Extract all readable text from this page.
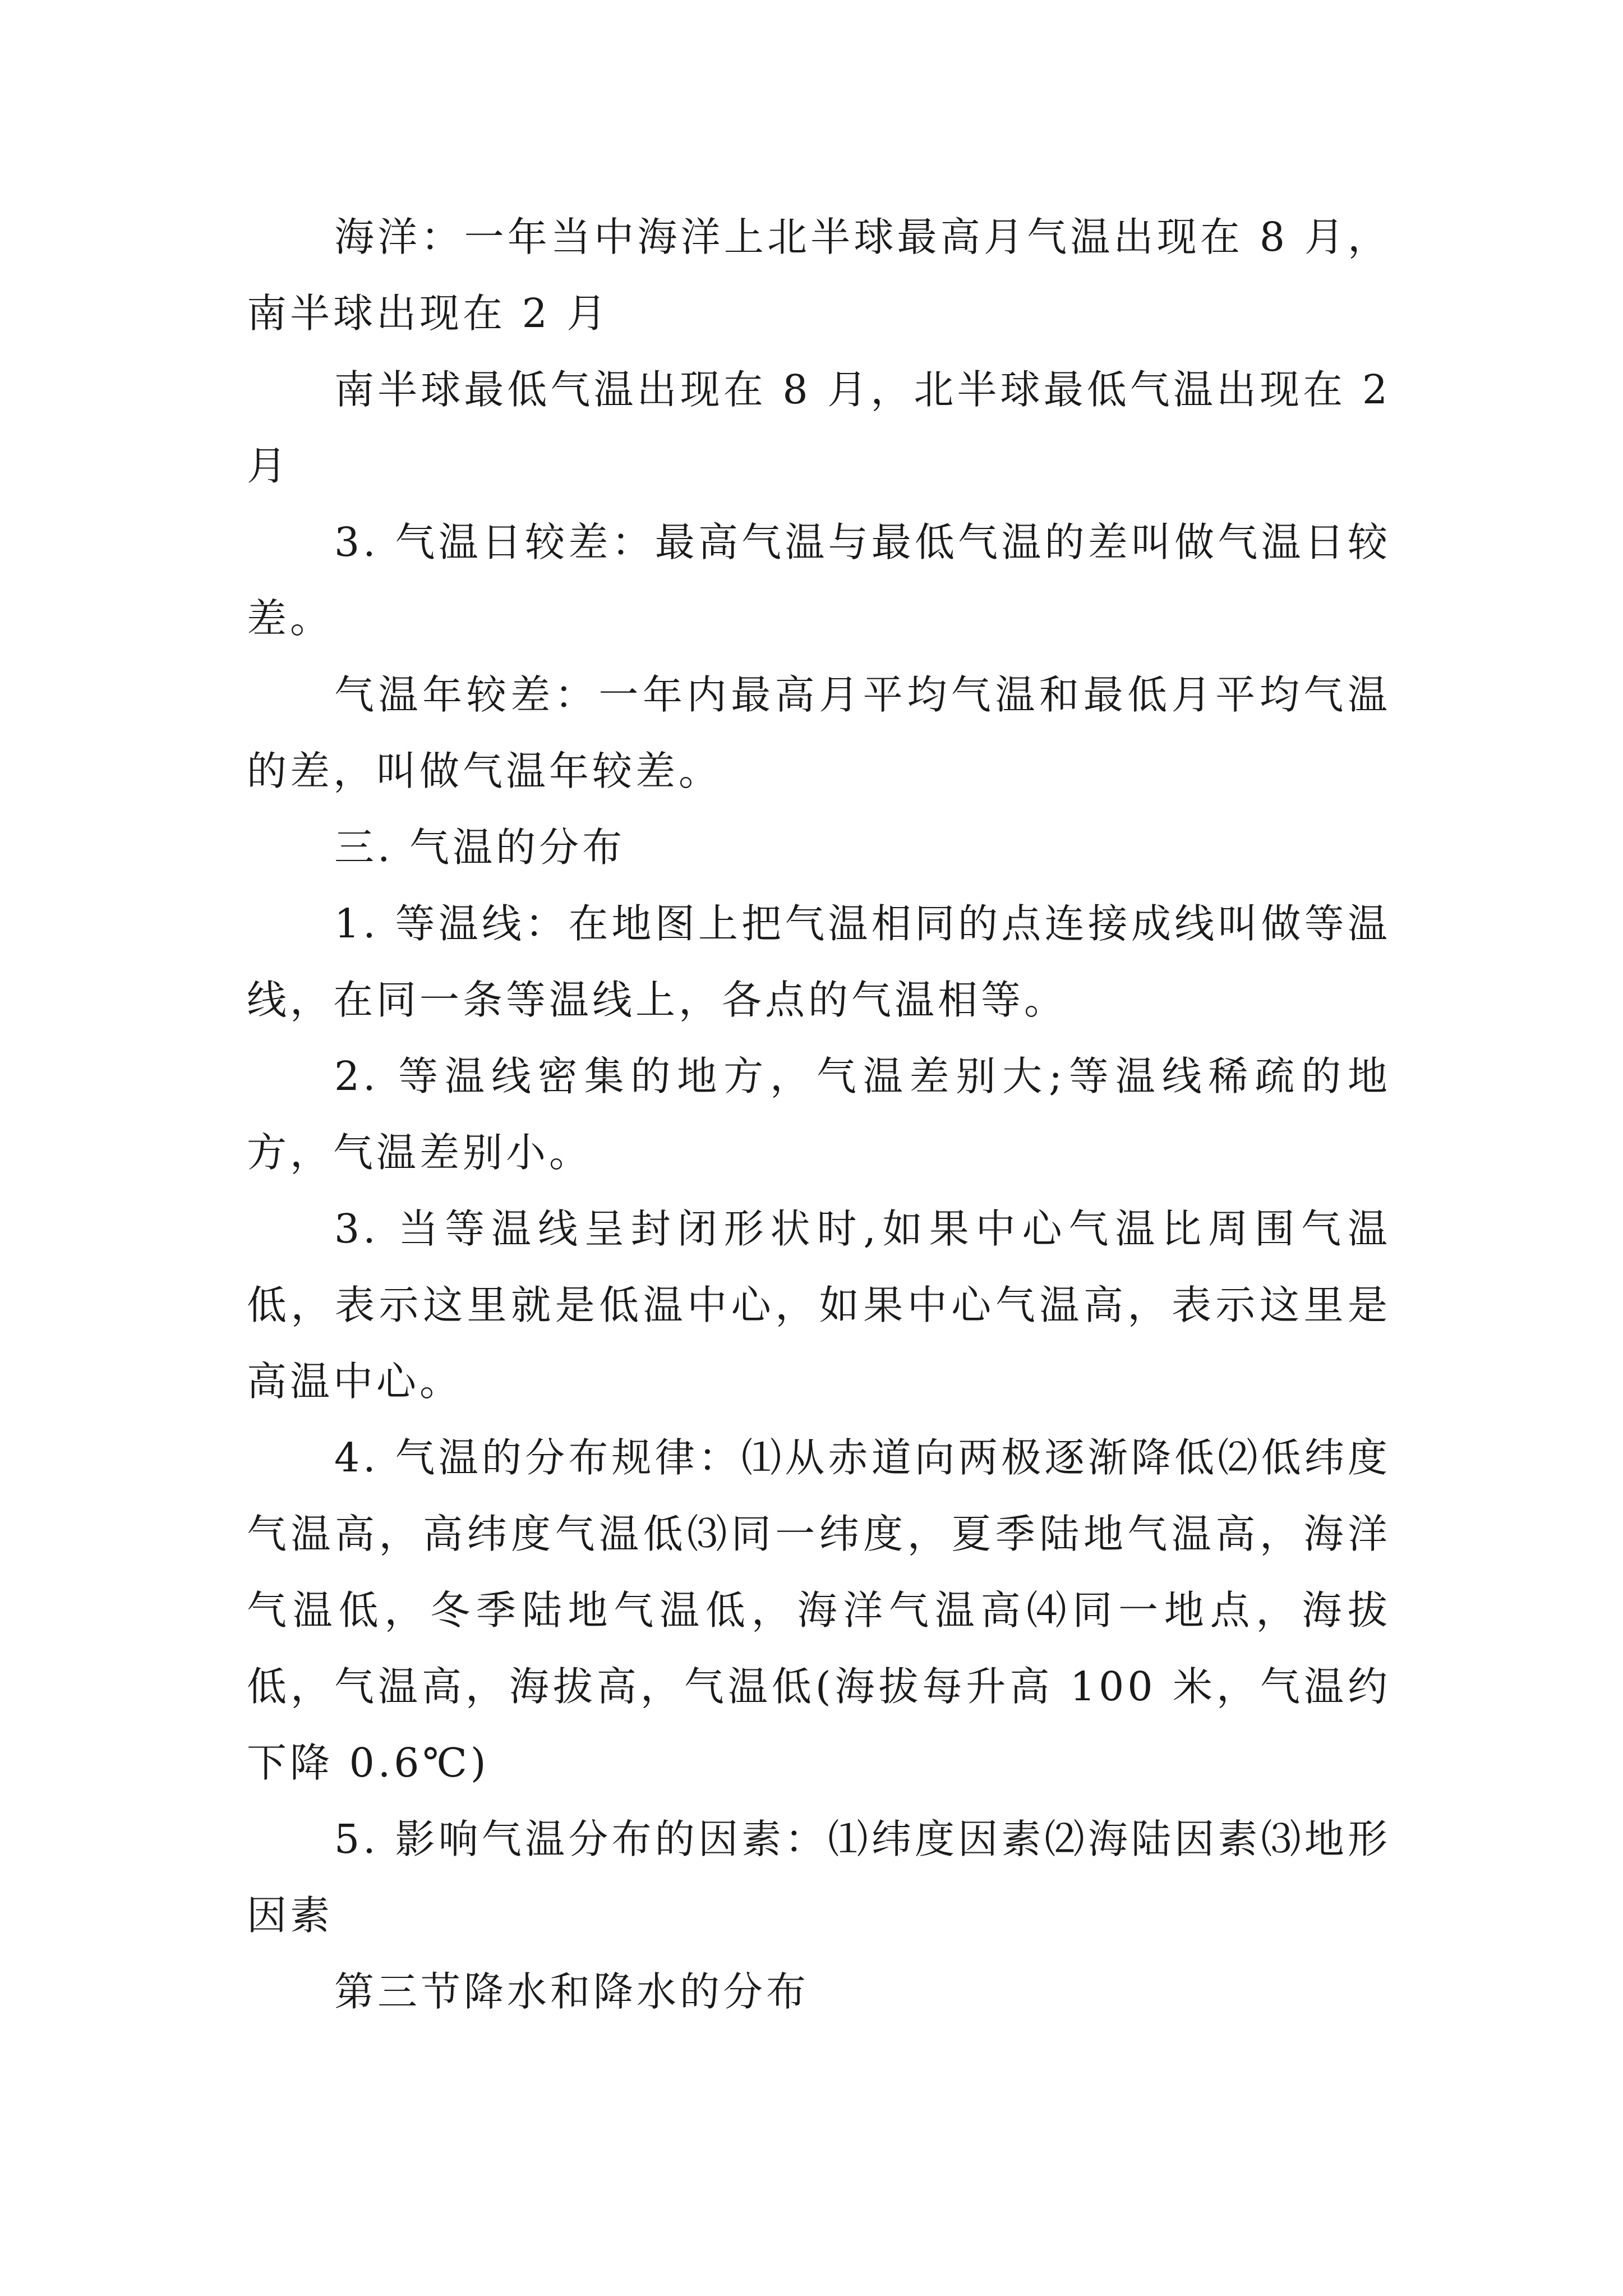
海洋：一年当中海洋上北半球最高月气温出现在 8 月，南半球出现在 2 月

南半球最低气温出现在 8 月，北半球最低气温出现在 2 月

3. 气温日较差：最高气温与最低气温的差叫做气温日较差。

气温年较差：一年内最高月平均气温和最低月平均气温的差，叫做气温年较差。

三. 气温的分布

1. 等温线：在地图上把气温相同的点连接成线叫做等温线，在同一条等温线上，各点的气温相等。

2. 等温线密集的地方，气温差别大;等温线稀疏的地方，气温差别小。

3. 当等温线呈封闭形状时,如果中心气温比周围气温低，表示这里就是低温中心，如果中心气温高，表示这里是高温中心。

4. 气温的分布规律：⑴从赤道向两极逐渐降低⑵低纬度气温高，高纬度气温低⑶同一纬度，夏季陆地气温高，海洋气温低，冬季陆地气温低，海洋气温高⑷同一地点，海拔低，气温高，海拔高，气温低(海拔每升高 100 米，气温约下降 0.6℃)

5. 影响气温分布的因素：⑴纬度因素⑵海陆因素⑶地形因素

第三节降水和降水的分布
